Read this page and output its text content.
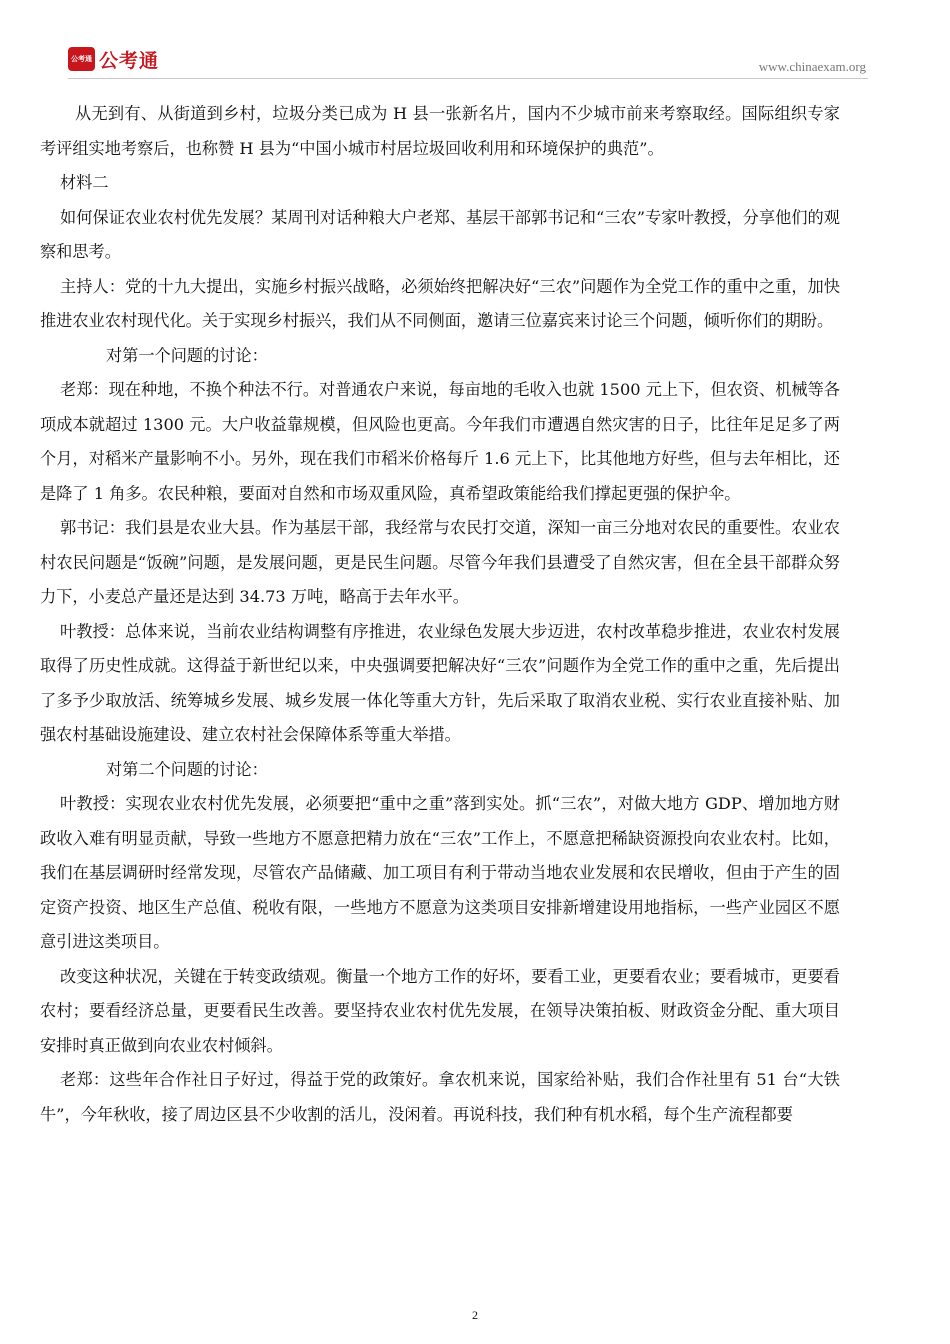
公考通 公考通	www.chinaexam.org

从无到有、从街道到乡村，垃圾分类已成为 H 县一张新名片，国内不少城市前来考察取经。国际组织专家考评组实地考察后，也称赞 H 县为“中国小城市村居垃圾回收利用和环境保护的典范”。

材料二

如何保证农业农村优先发展？某周刊对话种粮大户老郑、基层干部郭书记和“三农”专家叶教授，分享他们的观察和思考。

主持人：党的十九大提出，实施乡村振兴战略，必须始终把解决好“三农”问题作为全党工作的重中之重，加快推进农业农村现代化。关于实现乡村振兴，我们从不同侧面，邀请三位嘉宾来讨论三个问题，倾听你们的期盼。

对第一个问题的讨论：

老郑：现在种地，不换个种法不行。对普通农户来说，每亩地的毛收入也就 1500 元上下，但农资、机械等各项成本就超过 1300 元。大户收益靠规模，但风险也更高。今年我们市遭遇自然灾害的日子，比往年足足多了两个月，对稻米产量影响不小。另外，现在我们市稻米价格每斤 1.6 元上下，比其他地方好些，但与去年相比，还是降了 1 角多。农民种粮，要面对自然和市场双重风险，真希望政策能给我们撑起更强的保护伞。

郭书记：我们县是农业大县。作为基层干部，我经常与农民打交道，深知一亩三分地对农民的重要性。农业农村农民问题是“饭碗”问题，是发展问题，更是民生问题。尽管今年我们县遭受了自然灾害，但在全县干部群众努力下，小麦总产量还是达到 34.73 万吨，略高于去年水平。

叶教授：总体来说，当前农业结构调整有序推进，农业绿色发展大步迈进，农村改革稳步推进，农业农村发展取得了历史性成就。这得益于新世纪以来，中央强调要把解决好“三农”问题作为全党工作的重中之重，先后提出了多予少取放活、统筹城乡发展、城乡发展一体化等重大方针，先后采取了取消农业税、实行农业直接补贴、加强农村基础设施建设、建立农村社会保障体系等重大举措。

对第二个问题的讨论：

叶教授：实现农业农村优先发展，必须要把“重中之重”落到实处。抓“三农”，对做大地方 GDP、增加地方财政收入难有明显贡献，导致一些地方不愿意把精力放在“三农”工作上，不愿意把稀缺资源投向农业农村。比如，我们在基层调研时经常发现，尽管农产品储藏、加工项目有利于带动当地农业发展和农民增收，但由于产生的固定资产投资、地区生产总值、税收有限，一些地方不愿意为这类项目安排新增建设用地指标，一些产业园区不愿意引进这类项目。

改变这种状况，关键在于转变政绩观。衡量一个地方工作的好坏，要看工业，更要看农业；要看城市，更要看农村；要看经济总量，更要看民生改善。要坚持农业农村优先发展，在领导决策拍板、财政资金分配、重大项目安排时真正做到向农业农村倾斜。

老郑：这些年合作社日子好过，得益于党的政策好。拿农机来说，国家给补贴，我们合作社里有 51 台“大铁牛”，今年秋收，接了周边区县不少收割的活儿，没闲着。再说科技，我们种有机水稻，每个生产流程都要

2
